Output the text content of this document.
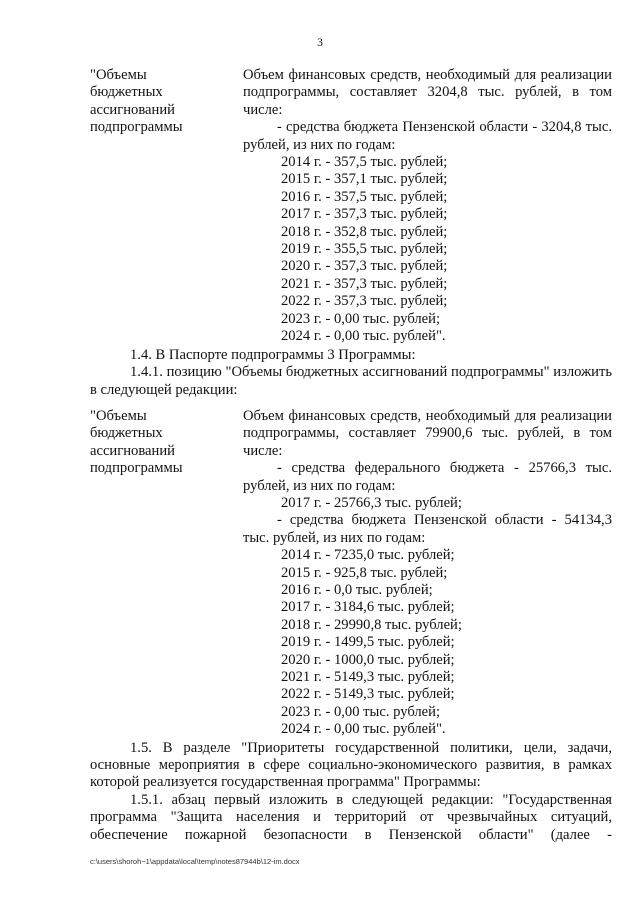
3
"Объемы
бюджетных
ассигнований
подпрограммы
Объем финансовых средств, необходимый для реализации подпрограммы, составляет 3204,8 тыс. рублей, в том числе:
- средства бюджета Пензенской области - 3204,8 тыс. рублей, из них по годам:
2014 г. - 357,5 тыс. рублей;
2015 г. - 357,1 тыс. рублей;
2016 г. - 357,5 тыс. рублей;
2017 г. - 357,3 тыс. рублей;
2018 г. - 352,8 тыс. рублей;
2019 г. - 355,5 тыс. рублей;
2020 г. - 357,3 тыс. рублей;
2021 г. - 357,3 тыс. рублей;
2022 г. - 357,3 тыс. рублей;
2023 г. - 0,00 тыс. рублей;
2024 г. - 0,00 тыс. рублей".
1.4. В Паспорте подпрограммы 3 Программы:
1.4.1. позицию "Объемы бюджетных ассигнований подпрограммы" изложить в следующей редакции:
"Объемы
бюджетных
ассигнований
подпрограммы
Объем финансовых средств, необходимый для реализации подпрограммы, составляет 79900,6 тыс. рублей, в том числе:
- средства федерального бюджета - 25766,3 тыс. рублей, из них по годам:
2017 г. - 25766,3 тыс. рублей;
- средства бюджета Пензенской области - 54134,3 тыс. рублей, из них по годам:
2014 г. - 7235,0 тыс. рублей;
2015 г. - 925,8 тыс. рублей;
2016 г. - 0,0 тыс. рублей;
2017 г. - 3184,6 тыс. рублей;
2018 г. - 29990,8 тыс. рублей;
2019 г. - 1499,5 тыс. рублей;
2020 г. - 1000,0 тыс. рублей;
2021 г. - 5149,3 тыс. рублей;
2022 г. - 5149,3 тыс. рублей;
2023 г. - 0,00 тыс. рублей;
2024 г. - 0,00 тыс. рублей".
1.5. В разделе "Приоритеты государственной политики, цели, задачи, основные мероприятия в сфере социально-экономического развития, в рамках которой реализуется государственная программа" Программы:
1.5.1. абзац первый изложить в следующей редакции: "Государственная программа "Защита населения и территорий от чрезвычайных ситуаций, обеспечение пожарной безопасности в Пензенской области" (далее -
c:\users\shoroh~1\appdata\local\temp\notes87944b\12-im.docx
